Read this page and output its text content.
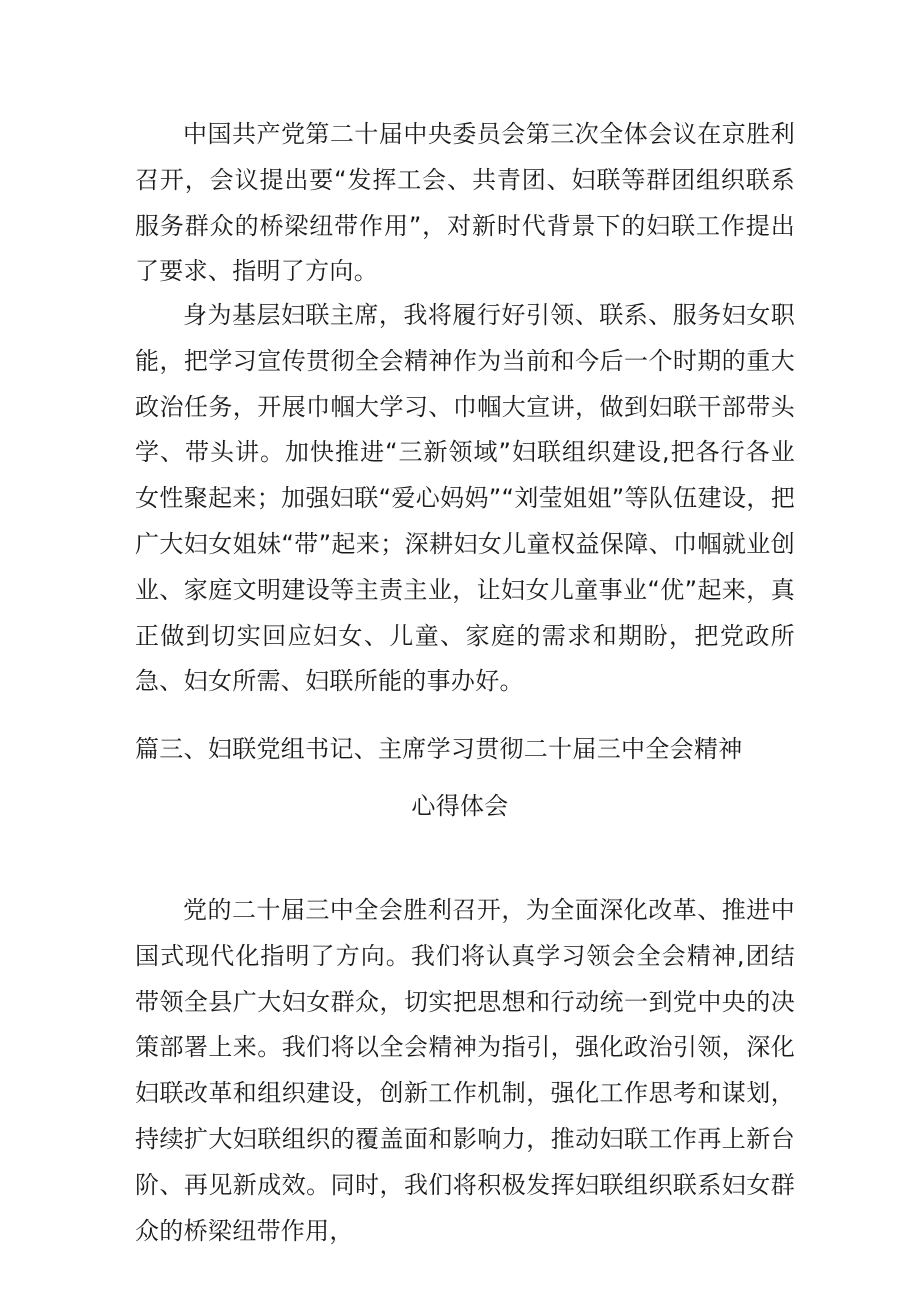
中国共产党第二十届中央委员会第三次全体会议在京胜利召开，会议提出要“发挥工会、共青团、妇联等群团组织联系服务群众的桥梁纽带作用”，对新时代背景下的妇联工作提出了要求、指明了方向。

身为基层妇联主席，我将履行好引领、联系、服务妇女职能，把学习宣传贯彻全会精神作为当前和今后一个时期的重大政治任务，开展巾帼大学习、巾帼大宣讲，做到妇联干部带头学、带头讲。加快推进“三新领域”妇联组织建设,把各行各业女性聚起来；加强妇联“爱心妈妈”“刘莹姐姐”等队伍建设，把广大妇女姐妹“带”起来；深耕妇女儿童权益保障、巾帼就业创业、家庭文明建设等主责主业，让妇女儿童事业“优”起来，真正做到切实回应妇女、儿童、家庭的需求和期盼，把党政所急、妇女所需、妇联所能的事办好。

篇三、妇联党组书记、主席学习贯彻二十届三中全会精神
心得体会

党的二十届三中全会胜利召开，为全面深化改革、推进中国式现代化指明了方向。我们将认真学习领会全会精神,团结带领全县广大妇女群众，切实把思想和行动统一到党中央的决策部署上来。我们将以全会精神为指引，强化政治引领，深化妇联改革和组织建设，创新工作机制，强化工作思考和谋划，持续扩大妇联组织的覆盖面和影响力，推动妇联工作再上新台阶、再见新成效。同时，我们将积极发挥妇联组织联系妇女群众的桥梁纽带作用，
